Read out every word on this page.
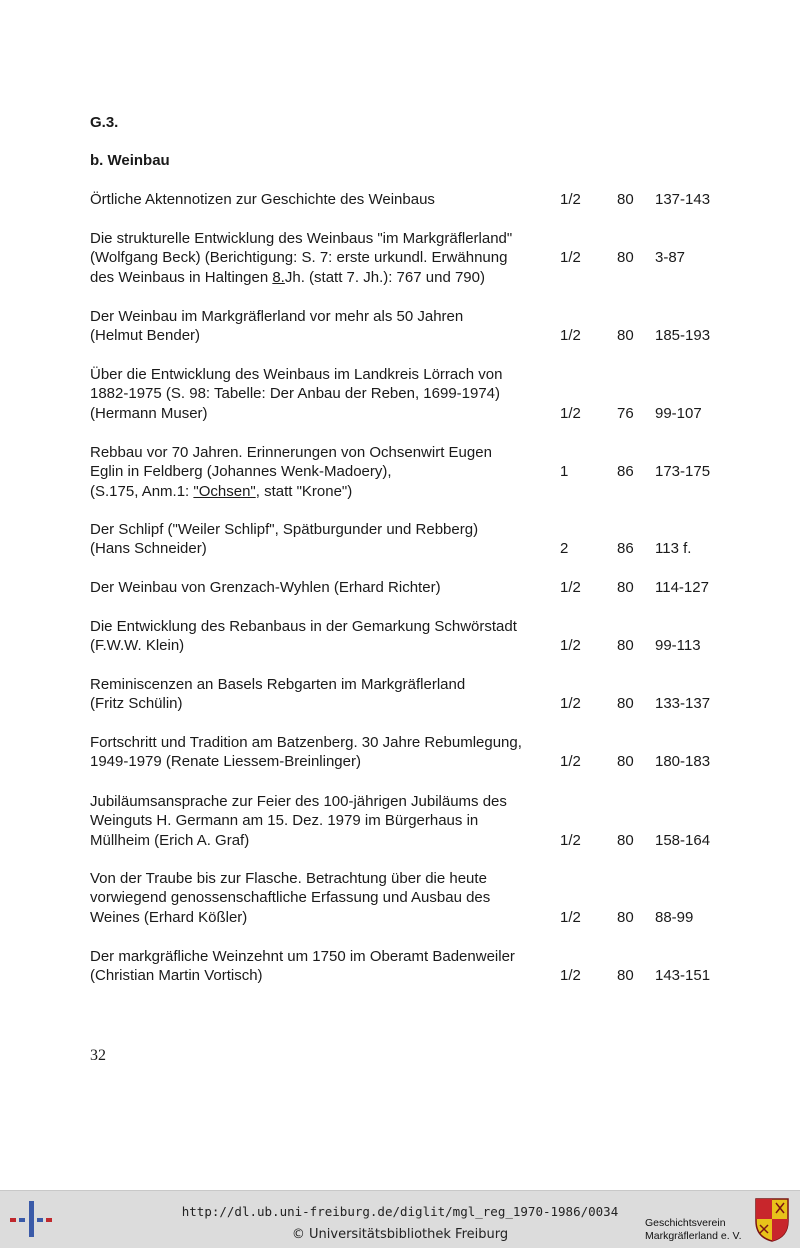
G.3.
b. Weinbau
Örtliche Aktennotizen zur Geschichte des Weinbaus	1/2 80 137-143
Die strukturelle Entwicklung des Weinbaus "im Markgräflerland"
(Wolfgang Beck) (Berichtigung: S. 7: erste urkundl. Erwähnung
des Weinbaus in Haltingen 8.Jh. (statt 7. Jh.): 767 und 790)
1/2 80 3-87
Der Weinbau im Markgräflerland vor mehr als 50 Jahren
(Helmut Bender)	1/2 80 185-193
Über die Entwicklung des Weinbaus im Landkreis Lörrach von
1882-1975 (S. 98: Tabelle: Der Anbau der Reben, 1699-1974)
(Hermann Muser)	1/2 76 99-107
Rebbau vor 70 Jahren. Erinnerungen von Ochsenwirt Eugen
Eglin in Feldberg (Johannes Wenk-Madoery),
(S.175, Anm.1: "Ochsen", statt "Krone")
1	86 173-175
Der Schlipf ("Weiler Schlipf", Spätburgunder und Rebberg)
(Hans Schneider)	2	86 113 f.
Der Weinbau von Grenzach-Wyhlen (Erhard Richter)	1/2 80 114-127
Die Entwicklung des Rebanbaus in der Gemarkung Schwörstadt
(F.W.W. Klein)	1/2 80 99-113
Reminiscenzen an Basels Rebgarten im Markgräflerland
(Fritz Schülin)	1/2 80 133-137
Fortschritt und Tradition am Batzenberg. 30 Jahre Rebumlegung,
1949-1979 (Renate Liessem-Breinlinger)	1/2 80 180-183
Jubiläumsansprache zur Feier des 100-jährigen Jubiläums des
Weinguts H. Germann am 15. Dez. 1979 im Bürgerhaus in
Müllheim (Erich A. Graf)	1/2 80 158-164
Von der Traube bis zur Flasche. Betrachtung über die heute
vorwiegend genossenschaftliche Erfassung und Ausbau des
Weines (Erhard Kößler)	1/2 80 88-99
Der markgräfliche Weinzehnt um 1750 im Oberamt Badenweiler
(Christian Martin Vortisch)	1/2 80 143-151
32
http://dl.ub.uni-freiburg.de/diglit/mgl_reg_1970-1986/0034
© Universitätsbibliothek Freiburg
Geschichtsverein
Markgräflerland e. V.
